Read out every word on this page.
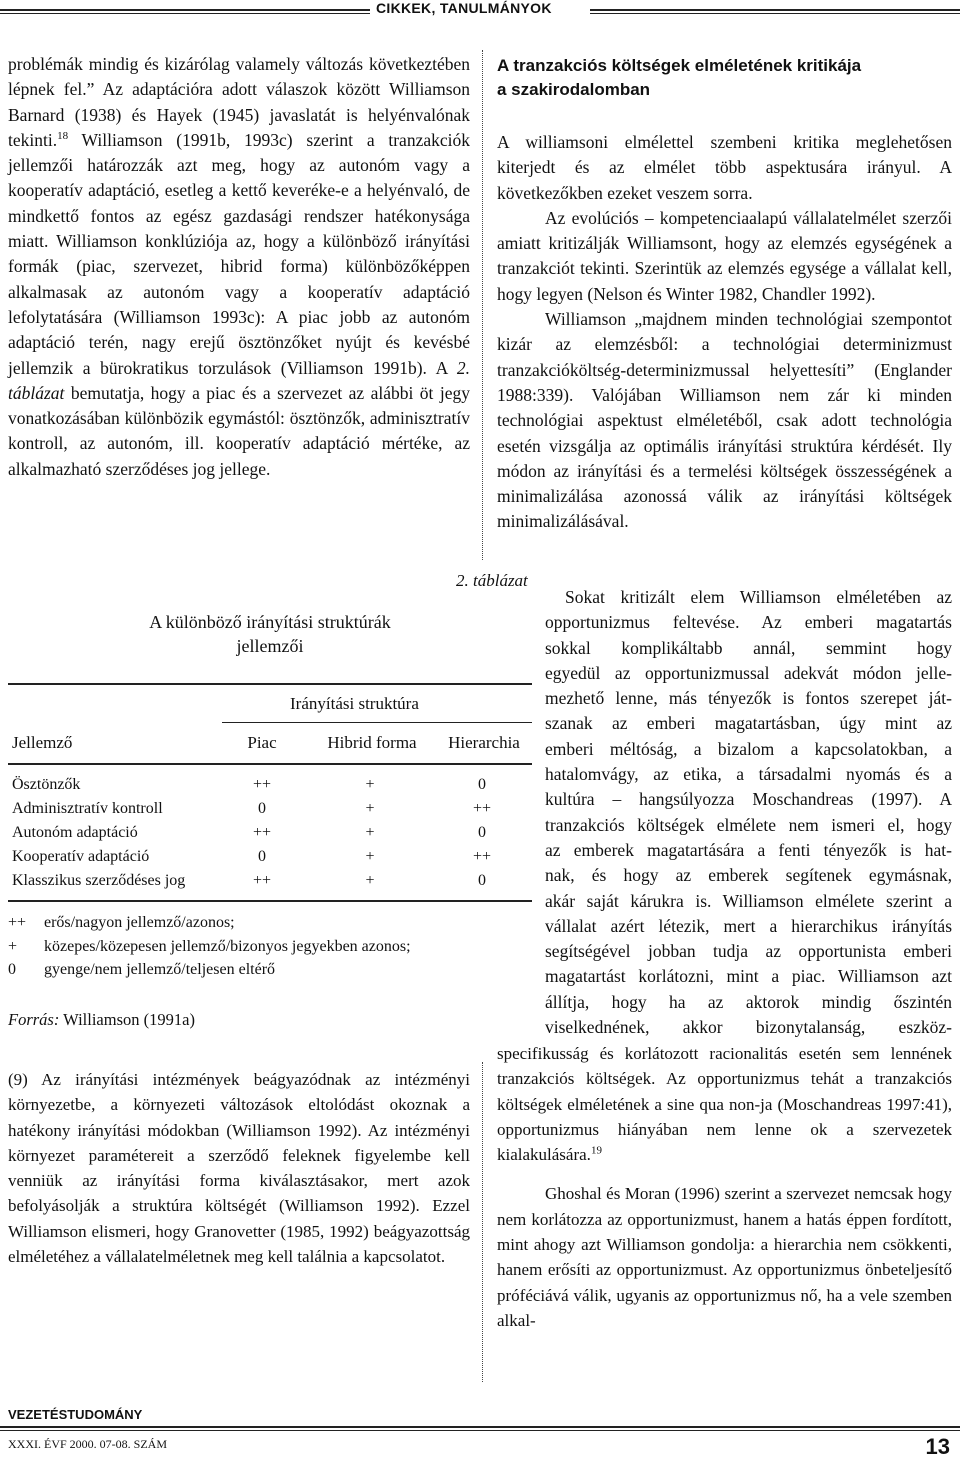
CIKKEK, TANULMÁNYOK

problémák mindig és kizárólag valamely változás következtében lépnek fel.” Az adaptációra adott válaszok között Williamson Barnard (1938) és Hayek (1945) javaslatát is helyénvalónak tekinti.$^{18}$ Williamson (1991b, 1993c) szerint a tranzakciók jellemzői határozzák azt meg, hogy az autonóm vagy a kooperatív adaptáció, esetleg a kettő keveréke-e a helyénvaló, de mindkettő fontos az egész gazdasági rendszer hatékonysága miatt. Williamson konklúziója az, hogy a különböző irányítási formák (piac, szervezet, hibrid forma) különbözőképpen alkalmasak az autonóm vagy a kooperatív adaptáció lefolytatására (Williamson 1993c): A piac jobb az autonóm adaptáció terén, nagy erejű ösztönzőket nyújt és kevésbé jellemzik a bürokratikus torzulások (Villiamson 1991b). A 2. táblázat bemutatja, hogy a piac és a szervezet az alábbi öt jegy vonatkozásában különbözik egymástól: ösztönzők, adminisztratív kontroll, az autonóm, ill. kooperatív adaptáció mértéke, az alkalmazható szerződéses jog jellege.

2. táblázat
A különböző irányítási struktúrák
jellemzői
Irányítási struktúra
Jellemző	Piac	Hibrid forma	Hierarchia
Ösztönzők	++	+	0
Adminisztratív kontroll	0	+	++
Autonóm adaptáció	++	+	0
Kooperatív adaptáció	0	+	++
Klasszikus szerződéses jog	++	+	0
++ erős/nagyon jellemző/azonos;
+ közepes/közepesen jellemző/bizonyos jegyekben azonos;
0 gyenge/nem jellemző/teljesen eltérő
Forrás: Williamson (1991a)

(9) Az irányítási intézmények beágyazódnak az intézményi környezetbe, a környezeti változások eltolódást okoznak a hatékony irányítási módokban (Williamson 1992). Az intézményi környezet paramétereit a szerződő feleknek figyelembe kell venniük az irányítási forma kiválasztásakor, mert azok befolyásolják a struktúra költségét (Williamson 1992). Ezzel Williamson elismeri, hogy Granovetter (1985, 1992) beágyazottság elméletéhez a vállalatelméletnek meg kell találnia a kapcsolatot.

A tranzakciós költségek elméletének kritikája
a szakirodalomban

A williamsoni elmélettel szembeni kritika meglehetősen kiterjedt és az elmélet több aspektusára irányul. A következőkben ezeket veszem sorra.

Az evolúciós – kompetenciaalapú vállalatelmélet szerzői amiatt kritizálják Williamsont, hogy az elemzés egységének a tranzakciót tekinti. Szerintük az elemzés egysége a vállalat kell, hogy legyen (Nelson és Winter 1982, Chandler 1992).

Williamson „majdnem minden technológiai szempontot kizár az elemzésből: a technológiai determinizmust tranzakcióköltség-determinizmussal helyettesíti” (Englander 1988:339). Valójában Williamson nem zár ki minden technológiai aspektust elméletéből, csak adott technológia esetén vizsgálja az optimális irányítási struktúra kérdését. Ily módon az irányítási és a termelési költségek összességének a minimalizálása azonossá válik az irányítási költségek minimalizálásával.

Sokat kritizált elem Williamson elméletében az
opportunizmus feltevése. Az emberi magatartás
sokkal komplikáltabb annál, semmint hogy
egyedül az opportunizmussal adekvát módon jelle-
mezhető lenne, más tényezők is fontos szerepet ját-
szanak az emberi magatartásban, úgy mint az
emberi méltóság, a bizalom a kapcsolatokban, a
hatalomvágy, az etika, a társadalmi nyomás és a
kultúra – hangsúlyozza Moschandreas (1997). A
tranzakciós költségek elmélete nem ismeri el, hogy
az emberek magatartására a fenti tényezők is hat-
nak, és hogy az emberek segítenek egymásnak,
akár saját kárukra is. Williamson elmélete szerint a
vállalat azért létezik, mert a hierarchikus irányítás
segítségével jobban tudja az opportunista emberi
magatartást korlátozni, mint a piac. Williamson azt
állítja, hogy ha az aktorok mindig őszintén
viselkednének, akkor bizonytalanság, eszköz-

specifikusság és korlátozott racionalitás esetén sem lennének tranzakciós költségek. Az opportunizmus tehát a tranzakciós költségek elméletének a sine qua non-ja (Moschandreas 1997:41), opportunizmus hiányában nem lenne ok a szervezetek kialakulására.$^{19}$

Ghoshal és Moran (1996) szerint a szervezet nemcsak hogy nem korlátozza az opportunizmust, hanem a hatás éppen fordított, mint ahogy azt Williamson gondolja: a hierarchia nem csökkenti, hanem erősíti az opportunizmust. Az opportunizmus önbeteljesítő próféciává válik, ugyanis az opportunizmus nő, ha a vele szemben alkal-

VEZETÉSTUDOMÁNY
XXXI. ÉVF 2000. 07-08. SZÁM	13
